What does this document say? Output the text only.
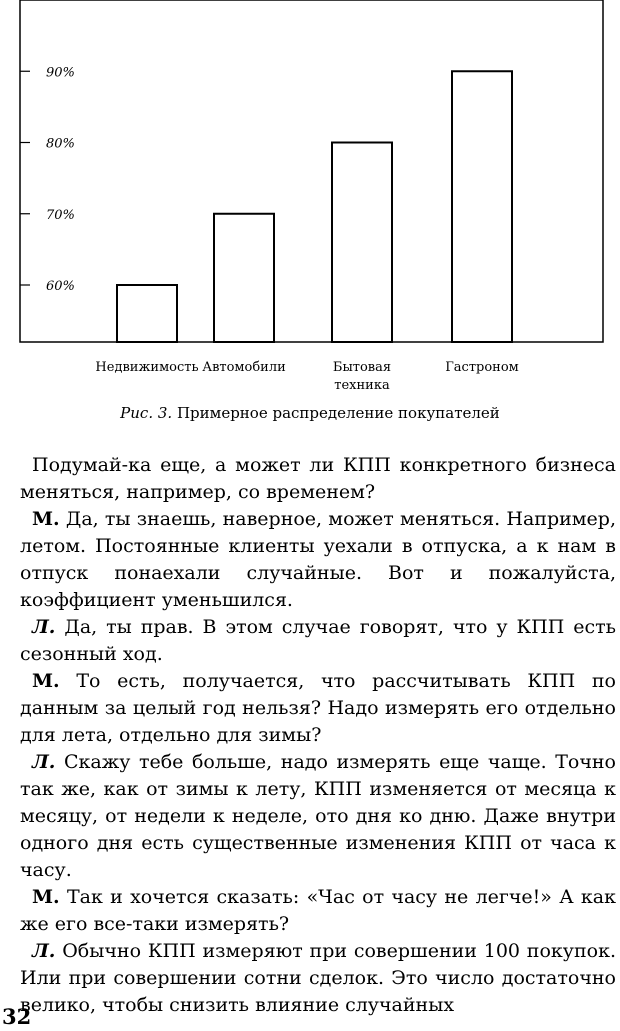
60%
70%
80%
90%
Недвижимость Автомобили	Бытовая техника
Гастроном
Рис. 3. Примерное распределение покупателей

Подумай-ка еще, а может ли КПП конкретного бизнеса меняться, например, со временем?

М. Да, ты знаешь, наверное, может меняться. Например, летом. Постоянные клиенты уехали в отпуска, а к нам в отпуск понаехали случайные. Вот и пожалуйста, коэффициент уменьшился.

Л. Да, ты прав. В этом случае говорят, что у КПП есть сезонный ход.

М. То есть, получается, что рассчитывать КПП по данным за целый год нельзя? Надо измерять его отдельно для лета, отдельно для зимы?

Л. Скажу тебе больше, надо измерять еще чаще. Точно так же, как от зимы к лету, КПП изменяется от месяца к месяцу, от недели к неделе, ото дня ко дню. Даже внутри одного дня есть существенные изменения КПП от часа к часу.

М. Так и хочется сказать: «Час от часу не легче!» А как же его все-таки измерять?

Л. Обычно КПП измеряют при совершении 100 покупок. Или при совершении сотни сделок. Это число достаточно велико, чтобы снизить влияние случайных

32
